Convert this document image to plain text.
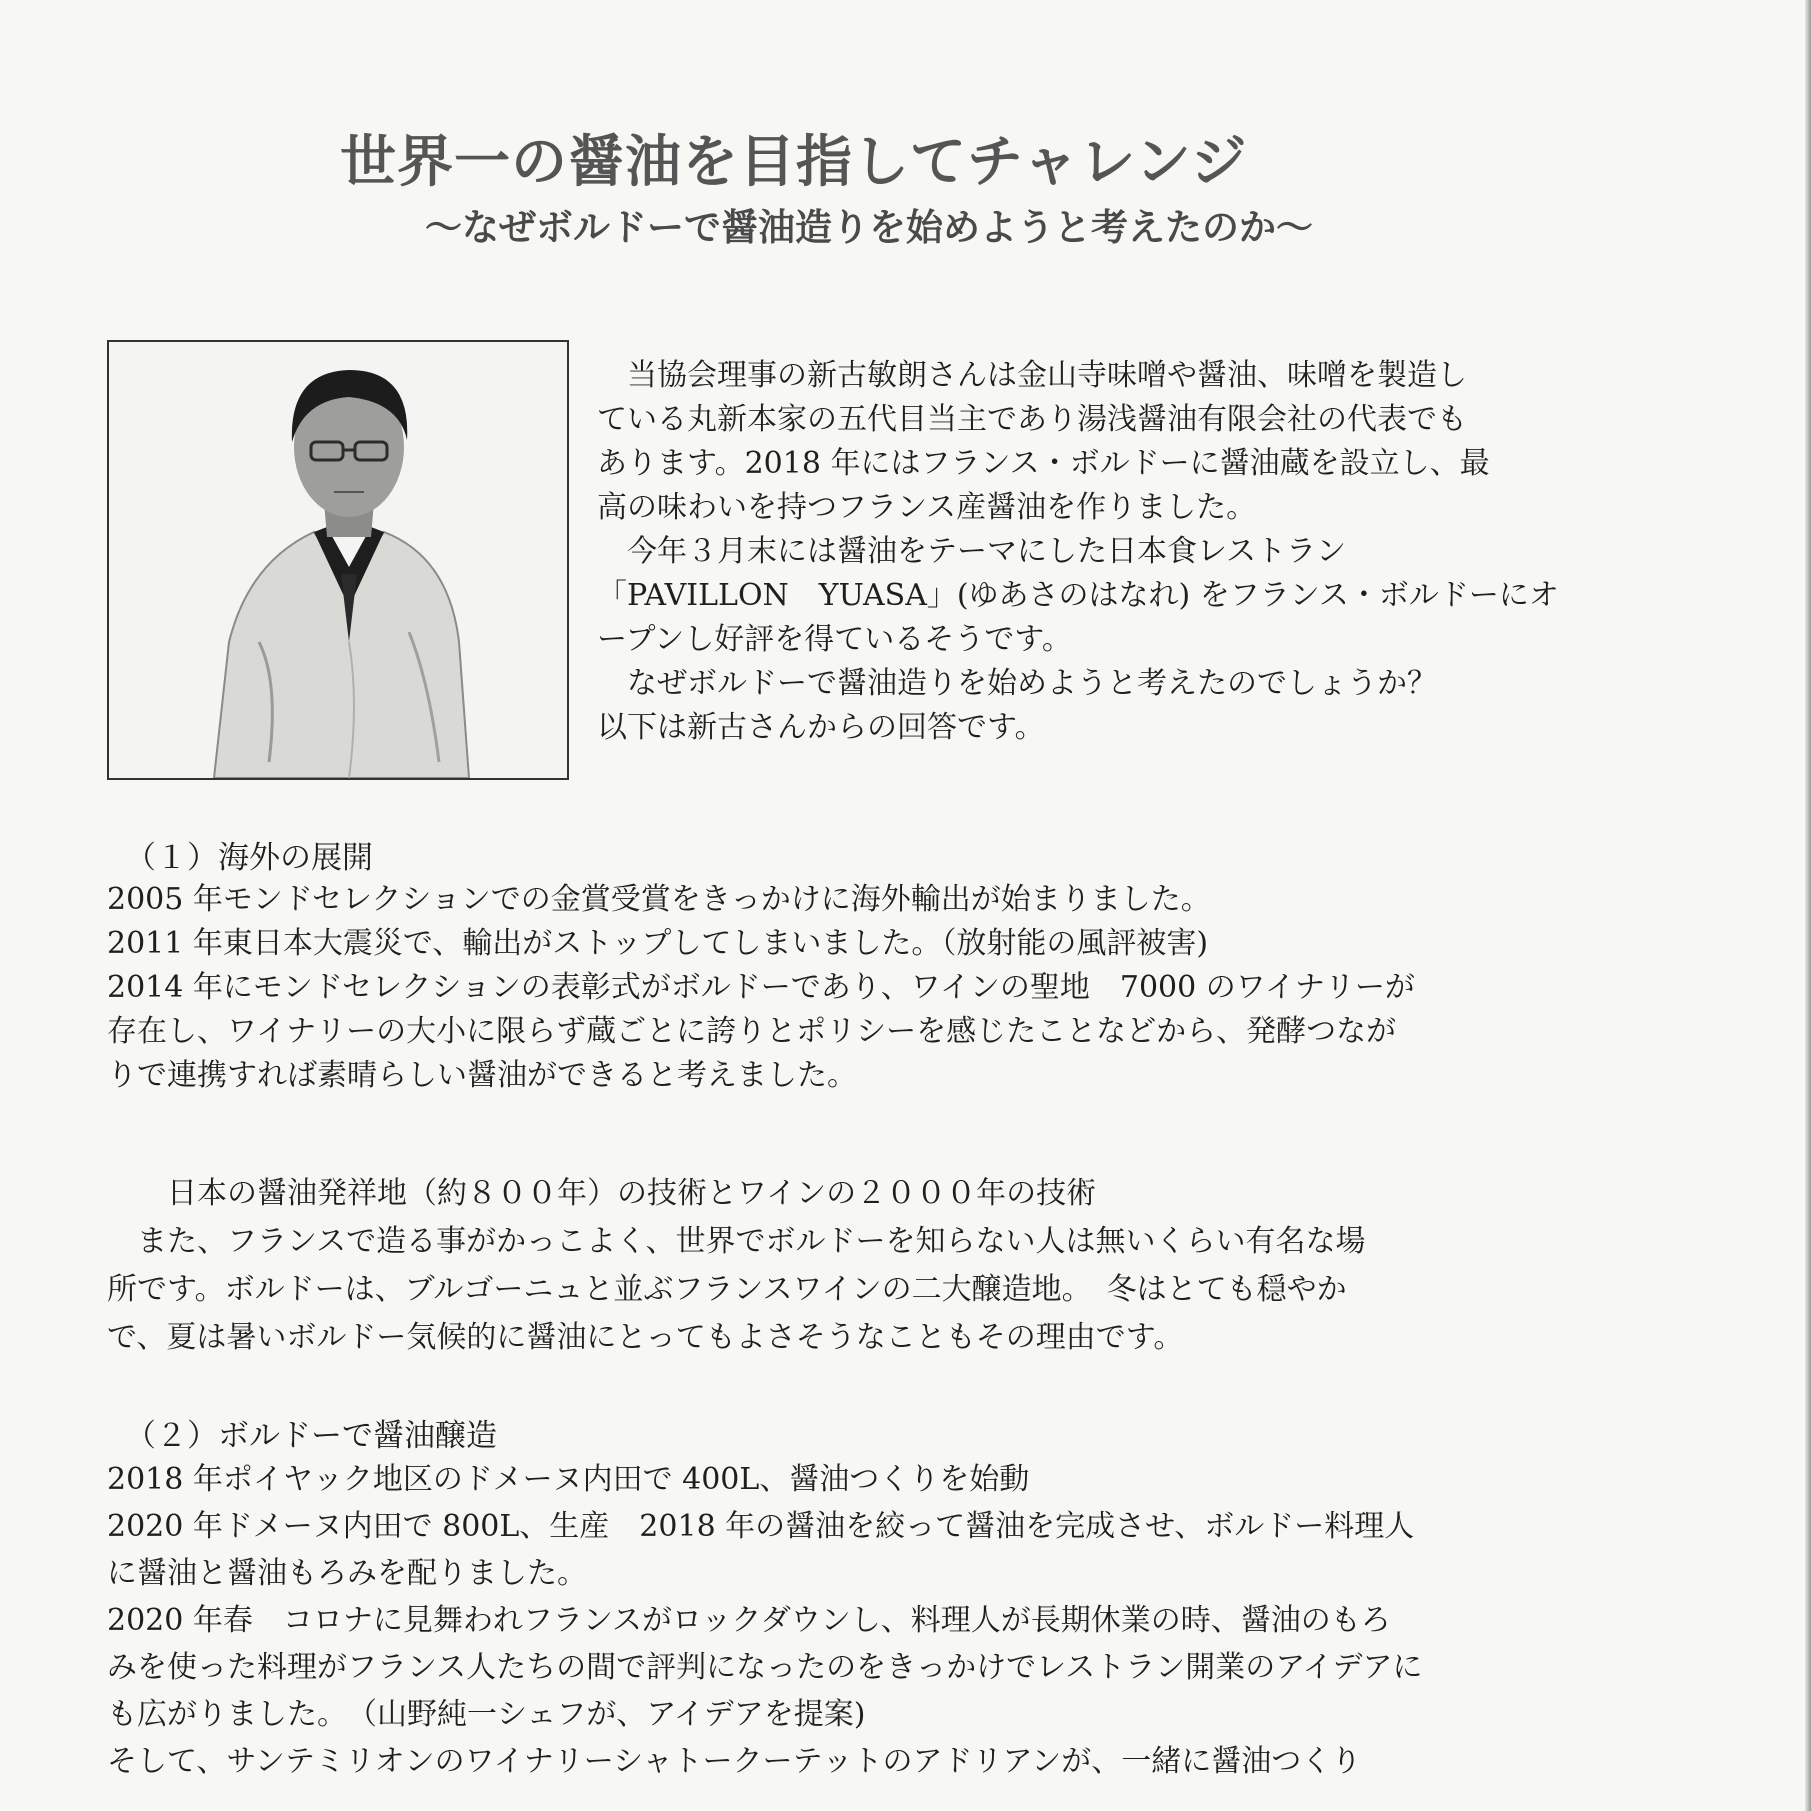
世界一の醤油を目指してチャレンジ
～なぜボルドーで醤油造りを始めようと考えたのか～

　当協会理事の新古敏朗さんは金山寺味噌や醤油、味噌を製造し

ている丸新本家の五代目当主であり湯浅醤油有限会社の代表でも

あります。2018 年にはフランス・ボルドーに醤油蔵を設立し、最

高の味わいを持つフランス産醤油を作りました。

　今年３月末には醤油をテーマにした日本食レストラン

「PAVILLON　YUASA」(ゆあさのはなれ) をフランス・ボルドーにオ

ープンし好評を得ているそうです。

　なぜボルドーで醤油造りを始めようと考えたのでしょうか？

以下は新古さんからの回答です。

（１）海外の展開

2005 年モンドセレクションでの金賞受賞をきっかけに海外輸出が始まりました。

2011 年東日本大震災で、輸出がストップしてしまいました。（放射能の風評被害)

2014 年にモンドセレクションの表彰式がボルドーであり、ワインの聖地　7000 のワイナリーが

存在し、ワイナリーの大小に限らず蔵ごとに誇りとポリシーを感じたことなどから、発酵つなが

りで連携すれば素晴らしい醤油ができると考えました。

　　日本の醤油発祥地（約８００年）の技術とワインの２０００年の技術

　また、フランスで造る事がかっこよく、世界でボルドーを知らない人は無いくらい有名な場

所です。ボルドーは、ブルゴーニュと並ぶフランスワインの二大醸造地。　冬はとても穏やか

で、夏は暑いボルドー気候的に醤油にとってもよさそうなこともその理由です。

（２）ボルドーで醤油醸造

2018 年ポイヤック地区のドメーヌ内田で 400L、醤油つくりを始動

2020 年ドメーヌ内田で 800L、生産　2018 年の醤油を絞って醤油を完成させ、ボルドー料理人

に醤油と醤油もろみを配りました。

2020 年春　コロナに見舞われフランスがロックダウンし、料理人が長期休業の時、醤油のもろ

みを使った料理がフランス人たちの間で評判になったのをきっかけでレストラン開業のアイデアに

も広がりました。　（山野純一シェフが、アイデアを提案)

そして、サンテミリオンのワイナリーシャトークーテットのアドリアンが、一緒に醤油つくり
